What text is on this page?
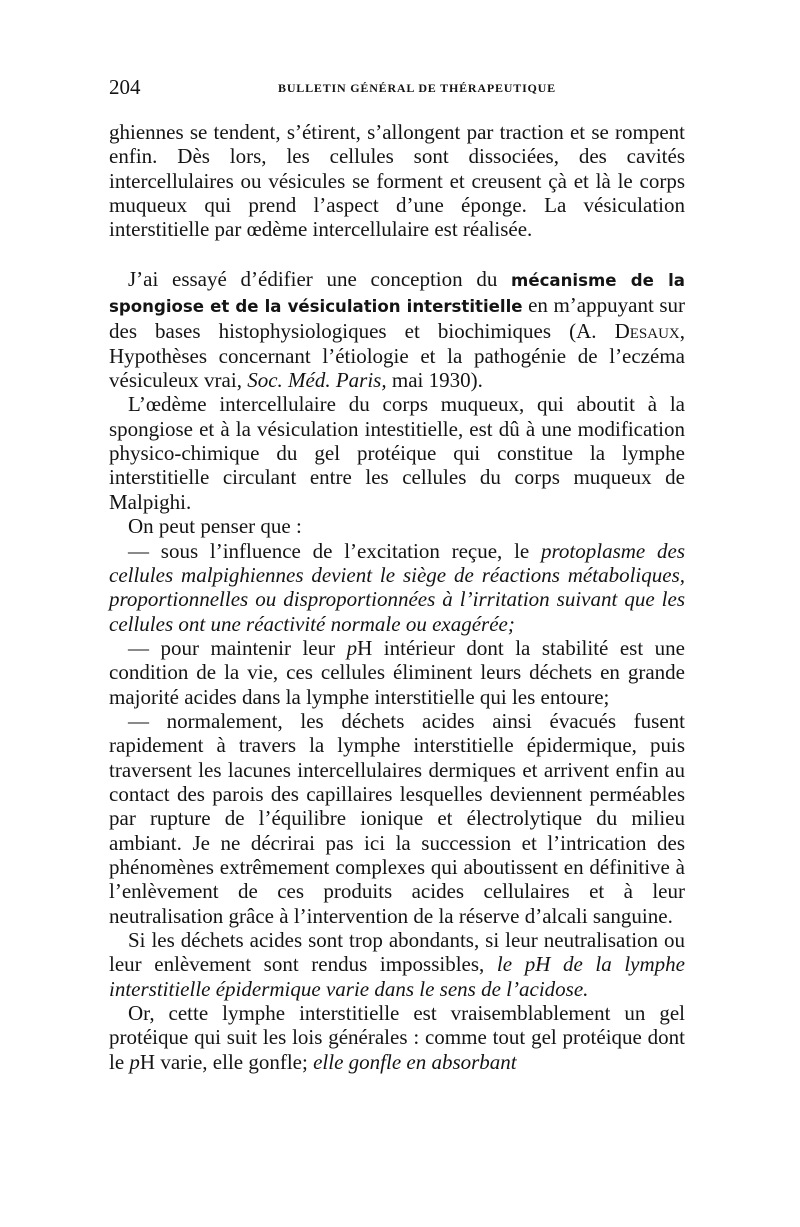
204	BULLETIN GÉNÉRAL DE THÉRAPEUTIQUE

ghiennes se tendent, s’étirent, s’allongent par traction et se rompent enfin. Dès lors, les cellules sont dissociées, des cavités intercellulaires ou vésicules se forment et creusent çà et là le corps muqueux qui prend l’aspect d’une éponge. La vésiculation interstitielle par œdème intercellulaire est réalisée.

J’ai essayé d’édifier une conception du mécanisme de la spongiose et de la vésiculation interstitielle en m’appuyant sur des bases histophysiologiques et biochimiques (A. Desaux, Hypothèses concernant l’étiologie et la pathogénie de l’eczéma vésiculeux vrai, Soc. Méd. Paris, mai 1930).

L’œdème intercellulaire du corps muqueux, qui aboutit à la spongiose et à la vésiculation intestitielle, est dû à une modification physico-chimique du gel protéique qui constitue la lymphe interstitielle circulant entre les cellules du corps muqueux de Malpighi.

On peut penser que :

— sous l’influence de l’excitation reçue, le protoplasme des cellules malpighiennes devient le siège de réactions métaboliques, proportionnelles ou disproportionnées à l’irritation suivant que les cellules ont une réactivité normale ou exagérée;

— pour maintenir leur pH intérieur dont la stabilité est une condition de la vie, ces cellules éliminent leurs déchets en grande majorité acides dans la lymphe interstitielle qui les entoure;

— normalement, les déchets acides ainsi évacués fusent rapidement à travers la lymphe interstitielle épidermique, puis traversent les lacunes intercellulaires dermiques et arrivent enfin au contact des parois des capillaires lesquelles deviennent perméables par rupture de l’équilibre ionique et électrolytique du milieu ambiant. Je ne décrirai pas ici la succession et l’intrication des phénomènes extrêmement complexes qui aboutissent en définitive à l’enlèvement de ces produits acides cellulaires et à leur neutralisation grâce à l’intervention de la réserve d’alcali sanguine.

Si les déchets acides sont trop abondants, si leur neutralisation ou leur enlèvement sont rendus impossibles, le pH de la lymphe interstitielle épidermique varie dans le sens de l’acidose.

Or, cette lymphe interstitielle est vraisemblablement un gel protéique qui suit les lois générales : comme tout gel protéique dont le pH varie, elle gonfle; elle gonfle en absorbant
